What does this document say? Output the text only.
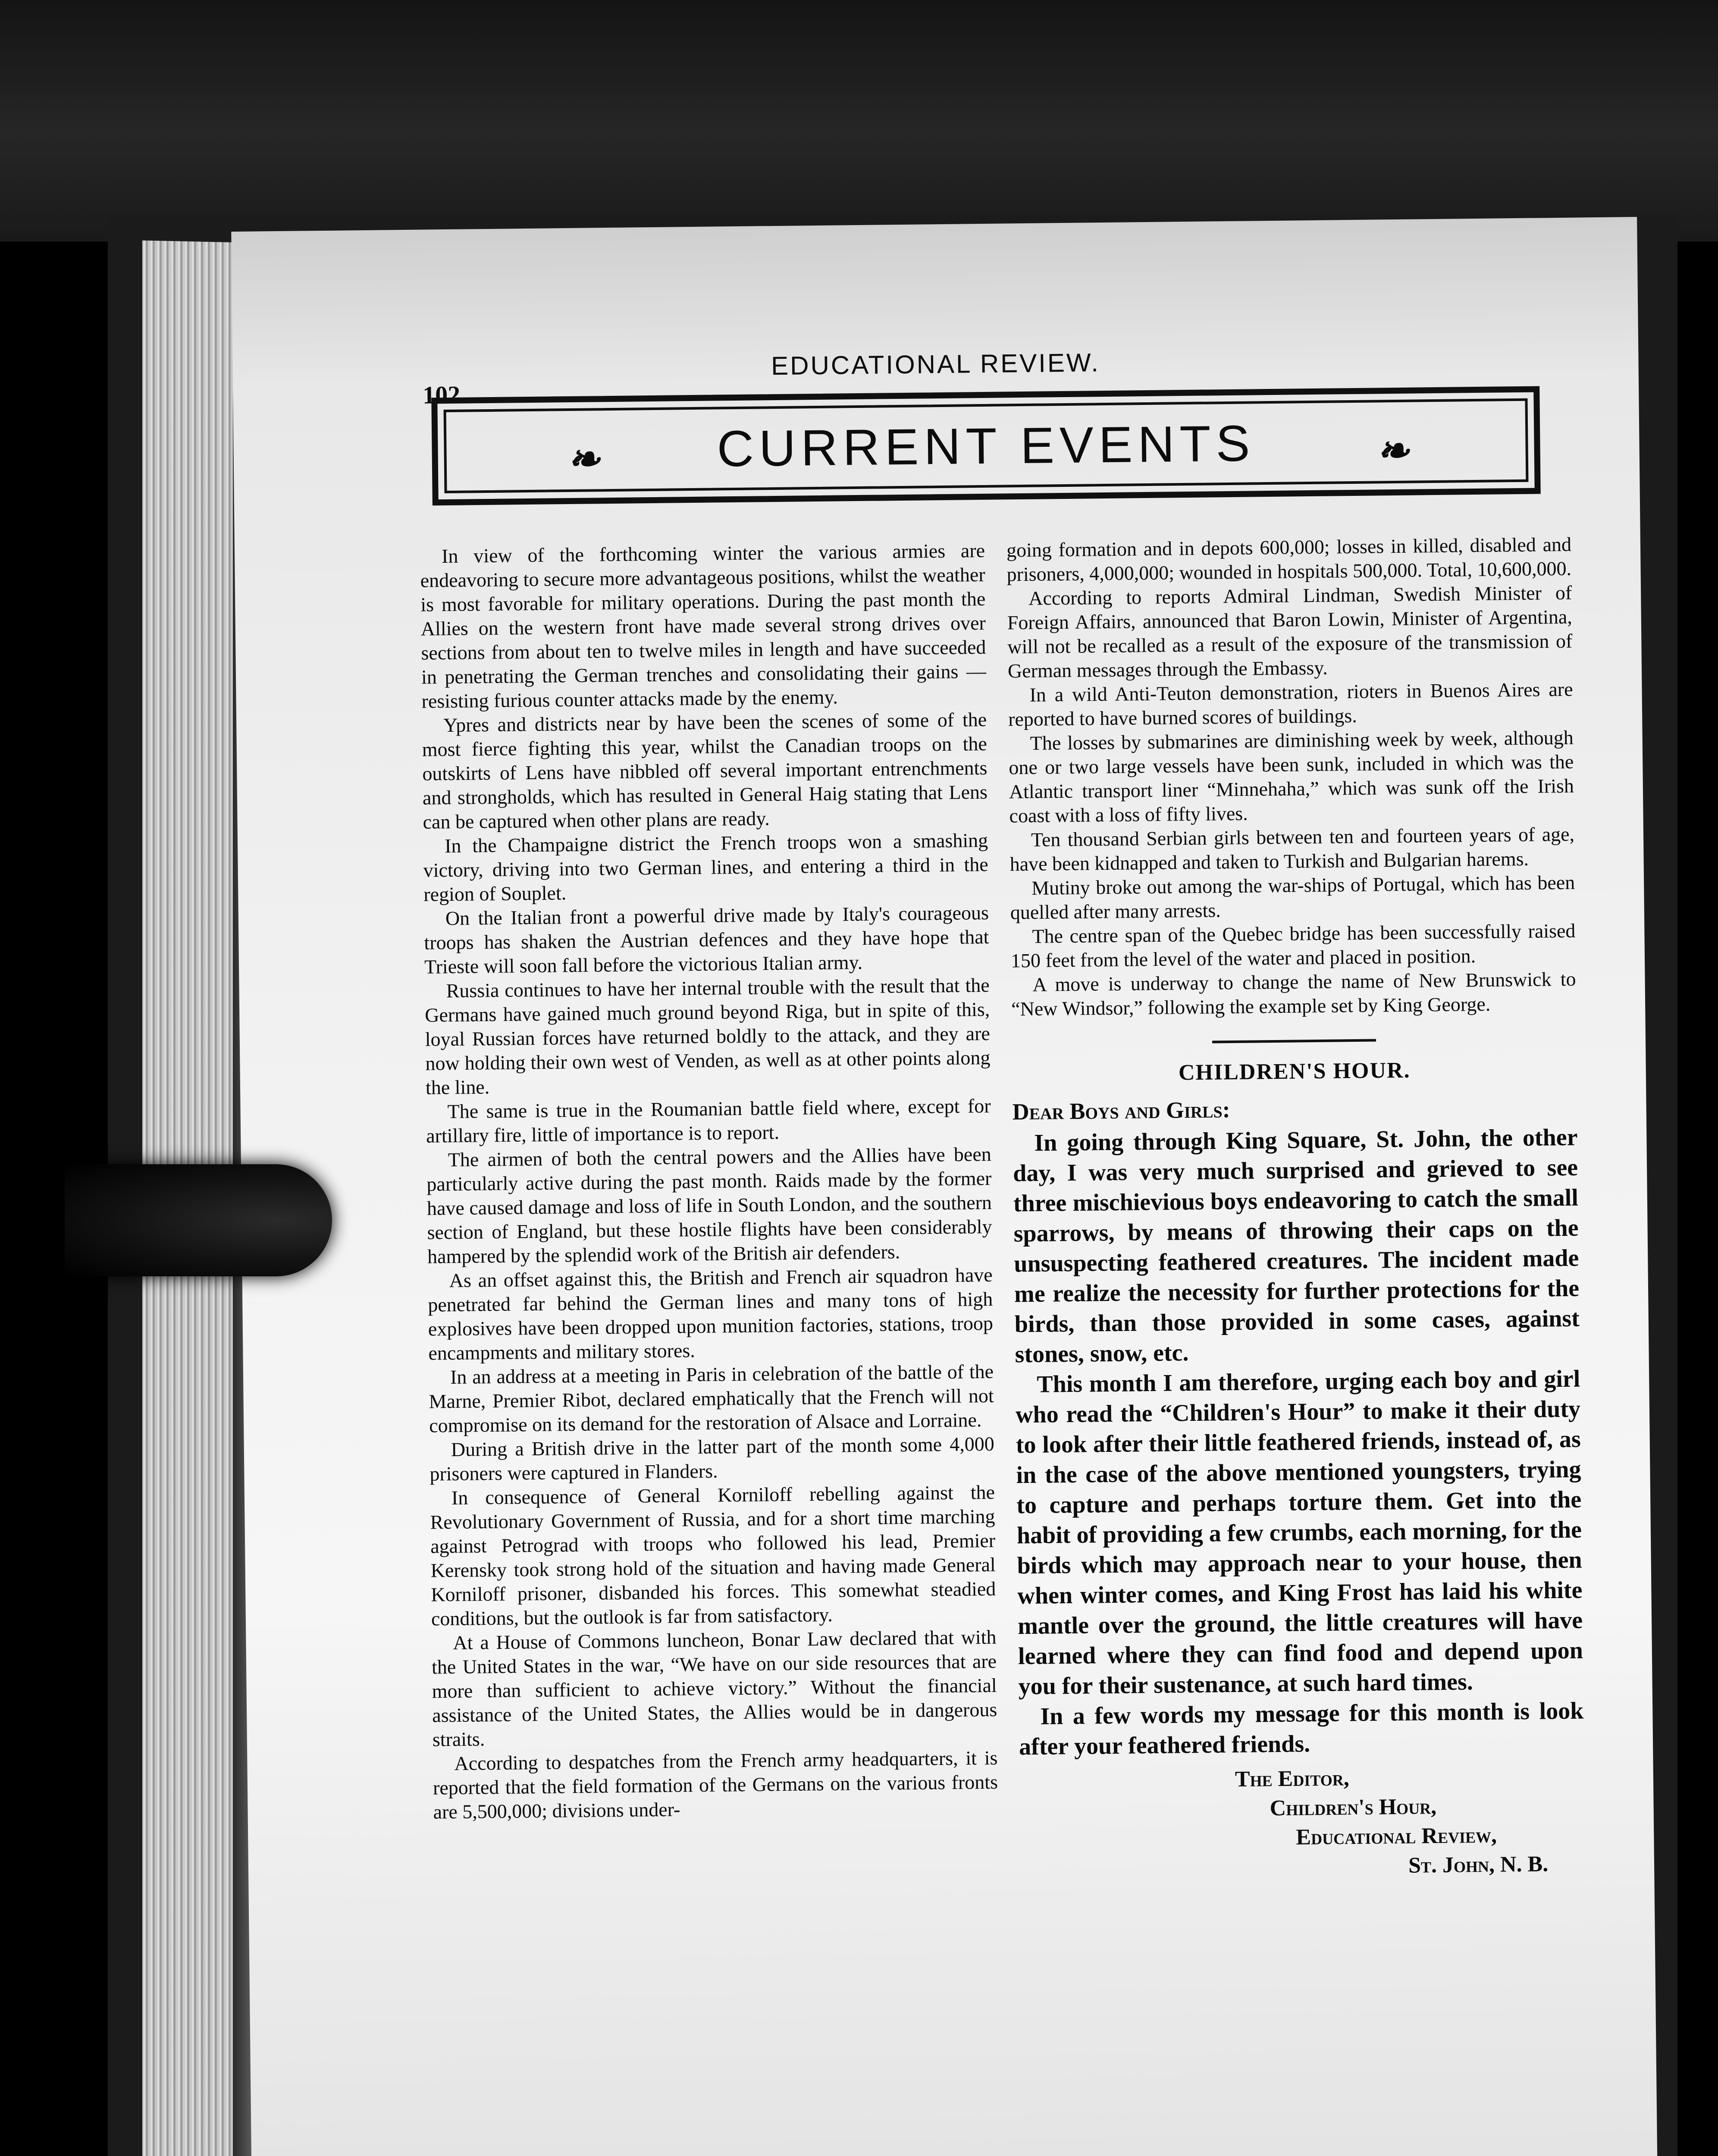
EDUCATIONAL REVIEW.
102
❧	CURRENT EVENTS	❧

In view of the forthcoming winter the various armies are endeavoring to secure more advantageous positions, whilst the weather is most favorable for military operations. During the past month the Allies on the western front have made several strong drives over sections from about ten to twelve miles in length and have succeeded in penetrating the German trenches and consolidating their gains — resisting furious counter attacks made by the enemy.

Ypres and districts near by have been the scenes of some of the most fierce fighting this year, whilst the Canadian troops on the outskirts of Lens have nibbled off several important entrenchments and strongholds, which has resulted in General Haig stating that Lens can be captured when other plans are ready.

In the Champaigne district the French troops won a smashing victory, driving into two German lines, and entering a third in the region of Souplet.

On the Italian front a powerful drive made by Italy's courageous troops has shaken the Austrian defences and they have hope that Trieste will soon fall before the victorious Italian army.

Russia continues to have her internal trouble with the result that the Germans have gained much ground beyond Riga, but in spite of this, loyal Russian forces have returned boldly to the attack, and they are now holding their own west of Venden, as well as at other points along the line.

The same is true in the Roumanian battle field where, except for artillary fire, little of importance is to report.

The airmen of both the central powers and the Allies have been particularly active during the past month. Raids made by the former have caused damage and loss of life in South London, and the southern section of England, but these hostile flights have been considerably hampered by the splendid work of the British air defenders.

As an offset against this, the British and French air squadron have penetrated far behind the German lines and many tons of high explosives have been dropped upon munition factories, stations, troop encampments and military stores.

In an address at a meeting in Paris in celebration of the battle of the Marne, Premier Ribot, declared emphatically that the French will not compromise on its demand for the restoration of Alsace and Lorraine.

During a British drive in the latter part of the month some 4,000 prisoners were captured in Flanders.

In consequence of General Korniloff rebelling against the Revolutionary Government of Russia, and for a short time marching against Petrograd with troops who followed his lead, Premier Kerensky took strong hold of the situation and having made General Korniloff prisoner, disbanded his forces. This somewhat steadied conditions, but the outlook is far from satisfactory.

At a House of Commons luncheon, Bonar Law declared that with the United States in the war, “We have on our side resources that are more than sufficient to achieve victory.” Without the financial assistance of the United States, the Allies would be in dangerous straits.

According to despatches from the French army headquarters, it is reported that the field formation of the Germans on the various fronts are 5,500,000; divisions under-

going formation and in depots 600,000; losses in killed, disabled and prisoners, 4,000,000; wounded in hospitals 500,000. Total, 10,600,000.

According to reports Admiral Lindman, Swedish Minister of Foreign Affairs, announced that Baron Lowin, Minister of Argentina, will not be recalled as a result of the exposure of the transmission of German messages through the Embassy.

In a wild Anti-Teuton demonstration, rioters in Buenos Aires are reported to have burned scores of buildings.

The losses by submarines are diminishing week by week, although one or two large vessels have been sunk, included in which was the Atlantic transport liner “Minnehaha,” which was sunk off the Irish coast with a loss of fifty lives.

Ten thousand Serbian girls between ten and fourteen years of age, have been kidnapped and taken to Turkish and Bulgarian harems.

Mutiny broke out among the war-ships of Portugal, which has been quelled after many arrests.

The centre span of the Quebec bridge has been successfully raised 150 feet from the level of the water and placed in position.

A move is underway to change the name of New Brunswick to “New Windsor,” following the example set by King George.

CHILDREN'S HOUR.
Dear Boys and Girls:

In going through King Square, St. John, the other day, I was very much surprised and grieved to see three mischievious boys endeavoring to catch the small sparrows, by means of throwing their caps on the unsuspecting feathered creatures. The incident made me realize the necessity for further protections for the birds, than those provided in some cases, against stones, snow, etc.

This month I am therefore, urging each boy and girl who read the “Children's Hour” to make it their duty to look after their little feathered friends, instead of, as in the case of the above mentioned youngsters, trying to capture and perhaps torture them. Get into the habit of providing a few crumbs, each morning, for the birds which may approach near to your house, then when winter comes, and King Frost has laid his white mantle over the ground, the little creatures will have learned where they can find food and depend upon you for their sustenance, at such hard times.

In a few words my message for this month is look after your feathered friends.

The Editor,
Children's Hour,
Educational Review,
St. John, N. B.
